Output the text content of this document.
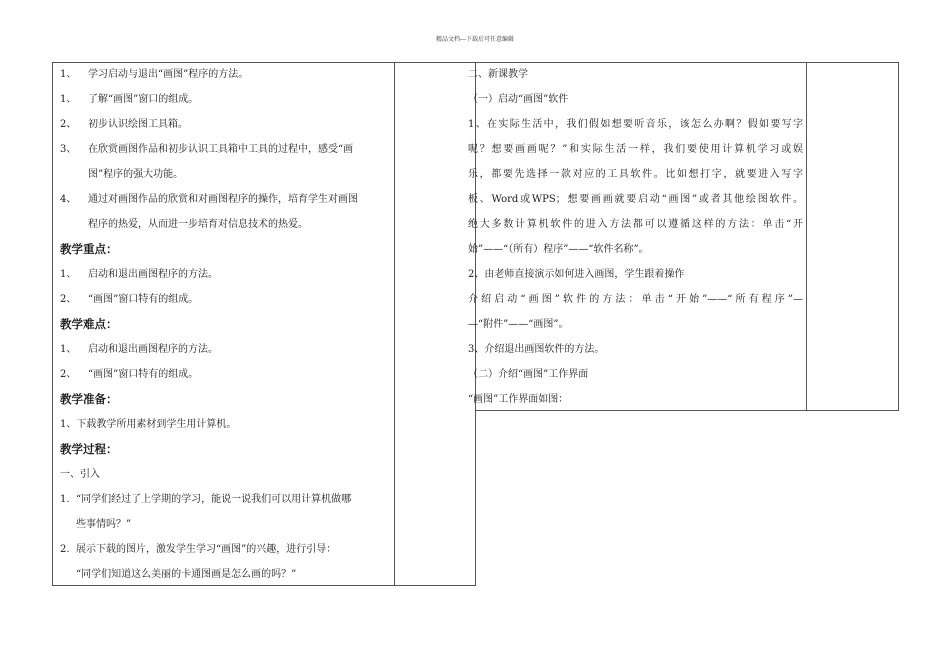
精品文档---下载后可任意编辑
1、 学习启动与退出“画图”程序的方法。
1、 了解“画图”窗口的组成。
2、 初步认识绘图工具箱。
3、 在欣赏画图作品和初步认识工具箱中工具的过程中，感受“画
图”程序的强大功能。
4、 通过对画图作品的欣赏和对画图程序的操作，培育学生对画图
程序的热爱，从而进一步培育对信息技术的热爱。
教学重点：
1、 启动和退出画图程序的方法。
2、 “画图”窗口特有的组成。
教学难点：
1、 启动和退出画图程序的方法。
2、 “画图”窗口特有的组成。
教学准备：
1、下载教学所用素材到学生用计算机。
教学过程：
一、引入
1. “同学们经过了上学期的学习，能说一说我们可以用计算机做哪
些事情吗？”
2. 展示下载的图片，激发学生学习“画图”的兴趣，进行引导：
“同学们知道这么美丽的卡通图画是怎么画的吗？”
二、新课教学
（一）启动“画图”软件
1、在实际生活中，我们假如想要听音乐，该怎么办啊？假如要写字
呢？想要画画呢？”和实际生活一样，我们要使用计算机学习或娱
乐，都要先选择一款对应的工具软件。比如想打字，就要进入写字
板、Word或WPS；想要画画就要启动“画图”或者其他绘图软件。
绝大多数计算机软件的进入方法都可以遵循这样的方法：单击“开
始”——“（所有）程序”——“软件名称”。
2、由老师直接演示如何进入画图，学生跟着操作
介绍启动“画图”软件的方法：单击“开始”——“所有程序”—
—“附件”——“画图”。
3、介绍退出画图软件的方法。
（二）介绍“画图”工作界面
“画图”工作界面如图：
